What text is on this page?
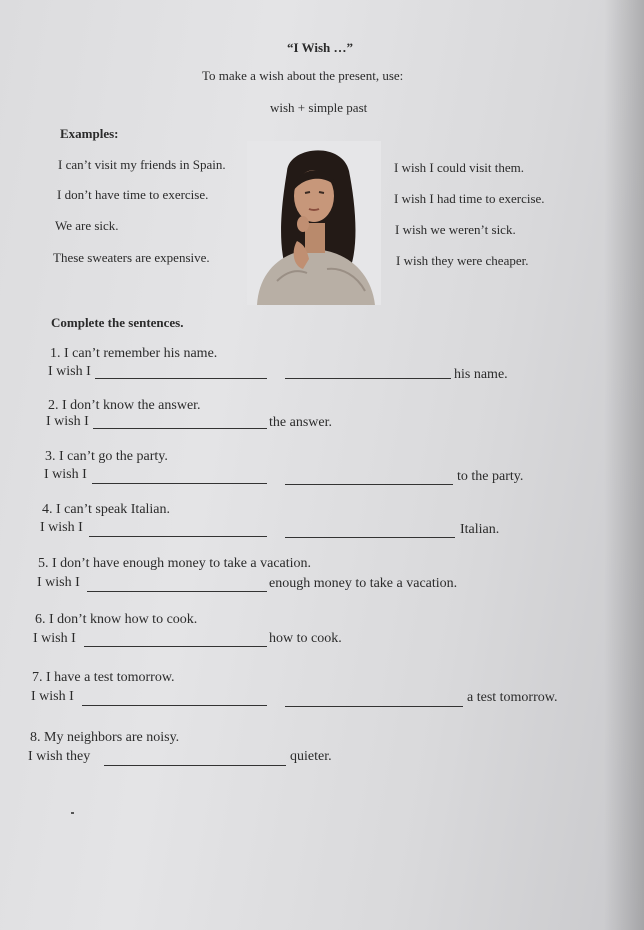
“I Wish …”
To make a wish about the present, use:
wish + simple past
Examples:
I can’t visit my friends in Spain.	I wish I could visit them.
I don’t have time to exercise.	I wish I had time to exercise.
We are sick.	I wish we weren’t sick.
These sweaters are expensive.	I wish they were cheaper.
Complete the sentences.
1. I can’t remember his name.
I wish I	his name.
2. I don’t know the answer.
I wish I	the answer.
3. I can’t go the party.
I wish I	to the party.
4. I can’t speak Italian.
I wish I	Italian.
5. I don’t have enough money to take a vacation.
I wish I	enough money to take a vacation.
6. I don’t know how to cook.
I wish I	how to cook.
7. I have a test tomorrow.
I wish I	a test tomorrow.
8. My neighbors are noisy.
I wish they	quieter.
